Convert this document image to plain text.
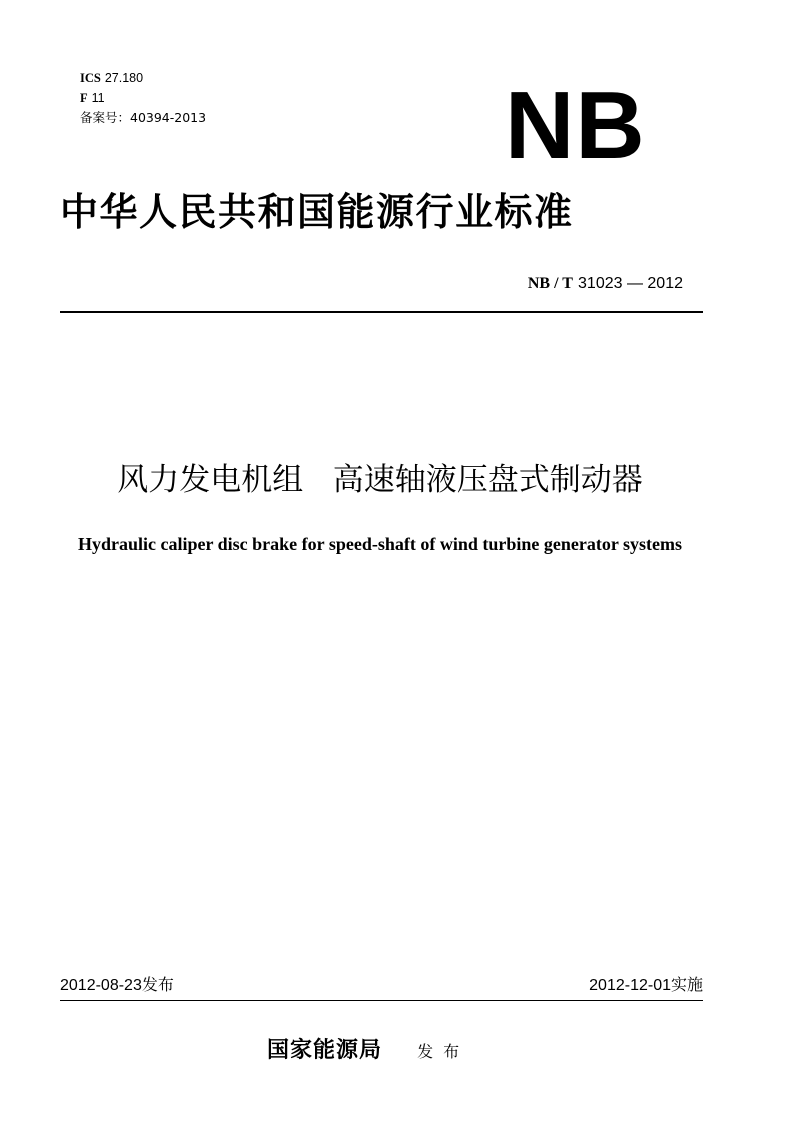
ICS 27.180
F 11
备案号：40394-2013	NB
中华人民共和国能源行业标准
NB / T 31023 — 2012
风力发电机组   高速轴液压盘式制动器
Hydraulic caliper disc brake for speed-shaft of wind turbine generator systems
2012-08-23发布	2012-12-01实施
国家能源局 发布
